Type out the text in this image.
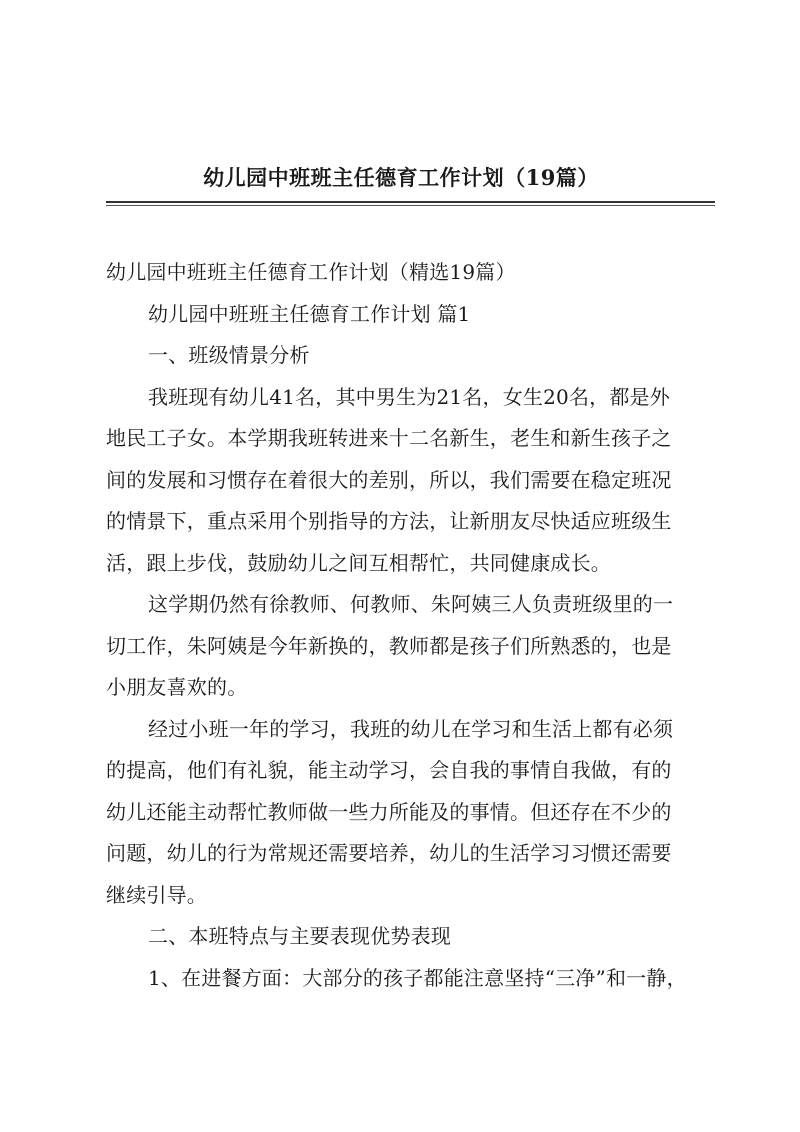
幼儿园中班班主任德育工作计划（19篇）
幼儿园中班班主任德育工作计划（精选19篇）
幼儿园中班班主任德育工作计划 篇1
一、班级情景分析
我班现有幼儿41名，其中男生为21名，女生20名，都是外
地民工子女。本学期我班转进来十二名新生，老生和新生孩子之
间的发展和习惯存在着很大的差别，所以，我们需要在稳定班况
的情景下，重点采用个别指导的方法，让新朋友尽快适应班级生
活，跟上步伐，鼓励幼儿之间互相帮忙，共同健康成长。
这学期仍然有徐教师、何教师、朱阿姨三人负责班级里的一
切工作，朱阿姨是今年新换的，教师都是孩子们所熟悉的，也是
小朋友喜欢的。
经过小班一年的学习，我班的幼儿在学习和生活上都有必须
的提高，他们有礼貌，能主动学习，会自我的事情自我做，有的
幼儿还能主动帮忙教师做一些力所能及的事情。但还存在不少的
问题，幼儿的行为常规还需要培养，幼儿的生活学习习惯还需要
继续引导。
二、本班特点与主要表现优势表现
1、在进餐方面：大部分的孩子都能注意坚持“三净”和一静，
